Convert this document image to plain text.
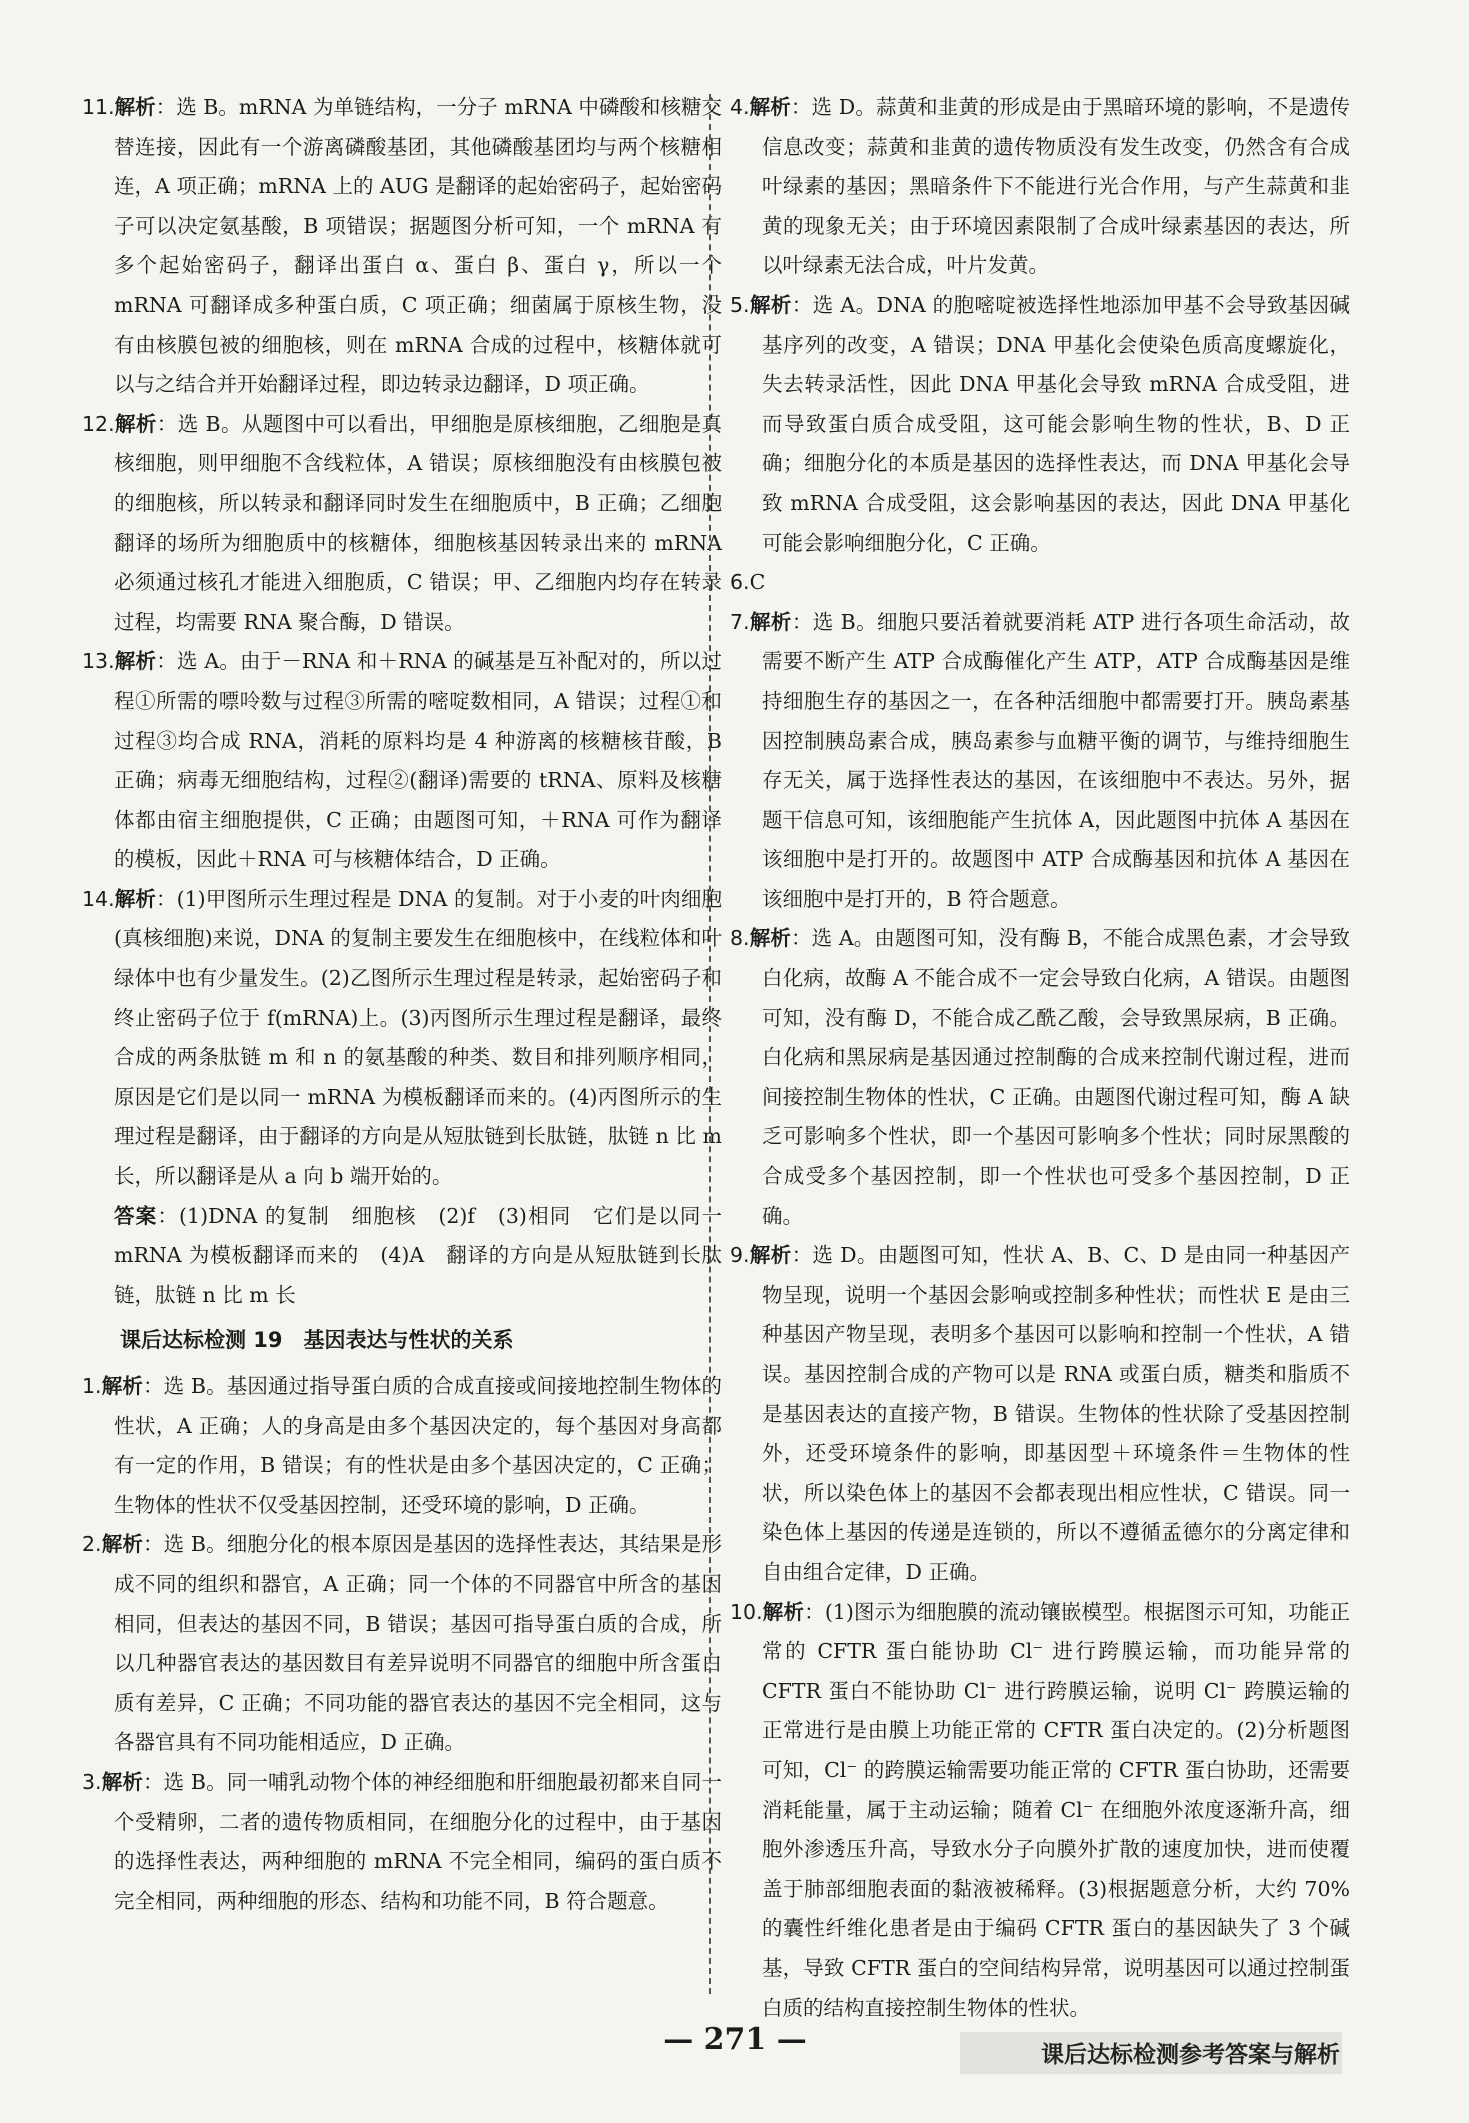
11.解析：选 B。mRNA 为单链结构，一分子 mRNA 中磷酸和核糖交替连接，因此有一个游离磷酸基团，其他磷酸基团均与两个核糖相连，A 项正确；mRNA 上的 AUG 是翻译的起始密码子，起始密码子可以决定氨基酸，B 项错误；据题图分析可知，一个 mRNA 有多个起始密码子，翻译出蛋白 α、蛋白 β、蛋白 γ，所以一个 mRNA 可翻译成多种蛋白质，C 项正确；细菌属于原核生物，没有由核膜包被的细胞核，则在 mRNA 合成的过程中，核糖体就可以与之结合并开始翻译过程，即边转录边翻译，D 项正确。

12.解析：选 B。从题图中可以看出，甲细胞是原核细胞，乙细胞是真核细胞，则甲细胞不含线粒体，A 错误；原核细胞没有由核膜包被的细胞核，所以转录和翻译同时发生在细胞质中，B 正确；乙细胞翻译的场所为细胞质中的核糖体，细胞核基因转录出来的 mRNA 必须通过核孔才能进入细胞质，C 错误；甲、乙细胞内均存在转录过程，均需要 RNA 聚合酶，D 错误。

13.解析：选 A。由于－RNA 和＋RNA 的碱基是互补配对的，所以过程①所需的嘌呤数与过程③所需的嘧啶数相同，A 错误；过程①和过程③均合成 RNA，消耗的原料均是 4 种游离的核糖核苷酸，B 正确；病毒无细胞结构，过程②(翻译)需要的 tRNA、原料及核糖体都由宿主细胞提供，C 正确；由题图可知，＋RNA 可作为翻译的模板，因此＋RNA 可与核糖体结合，D 正确。

14.解析：(1)甲图所示生理过程是 DNA 的复制。对于小麦的叶肉细胞(真核细胞)来说，DNA 的复制主要发生在细胞核中，在线粒体和叶绿体中也有少量发生。(2)乙图所示生理过程是转录，起始密码子和终止密码子位于 f(mRNA)上。(3)丙图所示生理过程是翻译，最终合成的两条肽链 m 和 n 的氨基酸的种类、数目和排列顺序相同，原因是它们是以同一 mRNA 为模板翻译而来的。(4)丙图所示的生理过程是翻译，由于翻译的方向是从短肽链到长肽链，肽链 n 比 m 长，所以翻译是从 a 向 b 端开始的。

答案：(1)DNA 的复制　细胞核　(2)f　(3)相同　它们是以同一 mRNA 为模板翻译而来的　(4)A　翻译的方向是从短肽链到长肽链，肽链 n 比 m 长

课后达标检测 19　基因表达与性状的关系

1.解析：选 B。基因通过指导蛋白质的合成直接或间接地控制生物体的性状，A 正确；人的身高是由多个基因决定的，每个基因对身高都有一定的作用，B 错误；有的性状是由多个基因决定的，C 正确；生物体的性状不仅受基因控制，还受环境的影响，D 正确。

2.解析：选 B。细胞分化的根本原因是基因的选择性表达，其结果是形成不同的组织和器官，A 正确；同一个体的不同器官中所含的基因相同，但表达的基因不同，B 错误；基因可指导蛋白质的合成，所以几种器官表达的基因数目有差异说明不同器官的细胞中所含蛋白质有差异，C 正确；不同功能的器官表达的基因不完全相同，这与各器官具有不同功能相适应，D 正确。

3.解析：选 B。同一哺乳动物个体的神经细胞和肝细胞最初都来自同一个受精卵，二者的遗传物质相同，在细胞分化的过程中，由于基因的选择性表达，两种细胞的 mRNA 不完全相同，编码的蛋白质不完全相同，两种细胞的形态、结构和功能不同，B 符合题意。

4.解析：选 D。蒜黄和韭黄的形成是由于黑暗环境的影响，不是遗传信息改变；蒜黄和韭黄的遗传物质没有发生改变，仍然含有合成叶绿素的基因；黑暗条件下不能进行光合作用，与产生蒜黄和韭黄的现象无关；由于环境因素限制了合成叶绿素基因的表达，所以叶绿素无法合成，叶片发黄。

5.解析：选 A。DNA 的胞嘧啶被选择性地添加甲基不会导致基因碱基序列的改变，A 错误；DNA 甲基化会使染色质高度螺旋化，失去转录活性，因此 DNA 甲基化会导致 mRNA 合成受阻，进而导致蛋白质合成受阻，这可能会影响生物的性状，B、D 正确；细胞分化的本质是基因的选择性表达，而 DNA 甲基化会导致 mRNA 合成受阻，这会影响基因的表达，因此 DNA 甲基化可能会影响细胞分化，C 正确。

6.C

7.解析：选 B。细胞只要活着就要消耗 ATP 进行各项生命活动，故需要不断产生 ATP 合成酶催化产生 ATP，ATP 合成酶基因是维持细胞生存的基因之一，在各种活细胞中都需要打开。胰岛素基因控制胰岛素合成，胰岛素参与血糖平衡的调节，与维持细胞生存无关，属于选择性表达的基因，在该细胞中不表达。另外，据题干信息可知，该细胞能产生抗体 A，因此题图中抗体 A 基因在该细胞中是打开的。故题图中 ATP 合成酶基因和抗体 A 基因在该细胞中是打开的，B 符合题意。

8.解析：选 A。由题图可知，没有酶 B，不能合成黑色素，才会导致白化病，故酶 A 不能合成不一定会导致白化病，A 错误。由题图可知，没有酶 D，不能合成乙酰乙酸，会导致黑尿病，B 正确。白化病和黑尿病是基因通过控制酶的合成来控制代谢过程，进而间接控制生物体的性状，C 正确。由题图代谢过程可知，酶 A 缺乏可影响多个性状，即一个基因可影响多个性状；同时尿黑酸的合成受多个基因控制，即一个性状也可受多个基因控制，D 正确。

9.解析：选 D。由题图可知，性状 A、B、C、D 是由同一种基因产物呈现，说明一个基因会影响或控制多种性状；而性状 E 是由三种基因产物呈现，表明多个基因可以影响和控制一个性状，A 错误。基因控制合成的产物可以是 RNA 或蛋白质，糖类和脂质不是基因表达的直接产物，B 错误。生物体的性状除了受基因控制外，还受环境条件的影响，即基因型＋环境条件＝生物体的性状，所以染色体上的基因不会都表现出相应性状，C 错误。同一染色体上基因的传递是连锁的，所以不遵循孟德尔的分离定律和自由组合定律，D 正确。

10.解析：(1)图示为细胞膜的流动镶嵌模型。根据图示可知，功能正常的 CFTR 蛋白能协助 Cl⁻ 进行跨膜运输，而功能异常的 CFTR 蛋白不能协助 Cl⁻ 进行跨膜运输，说明 Cl⁻ 跨膜运输的正常进行是由膜上功能正常的 CFTR 蛋白决定的。(2)分析题图可知，Cl⁻ 的跨膜运输需要功能正常的 CFTR 蛋白协助，还需要消耗能量，属于主动运输；随着 Cl⁻ 在细胞外浓度逐渐升高，细胞外渗透压升高，导致水分子向膜外扩散的速度加快，进而使覆盖于肺部细胞表面的黏液被稀释。(3)根据题意分析，大约 70% 的囊性纤维化患者是由于编码 CFTR 蛋白的基因缺失了 3 个碱基，导致 CFTR 蛋白的空间结构异常，说明基因可以通过控制蛋白质的结构直接控制生物体的性状。

— 271 —	课后达标检测参考答案与解析
